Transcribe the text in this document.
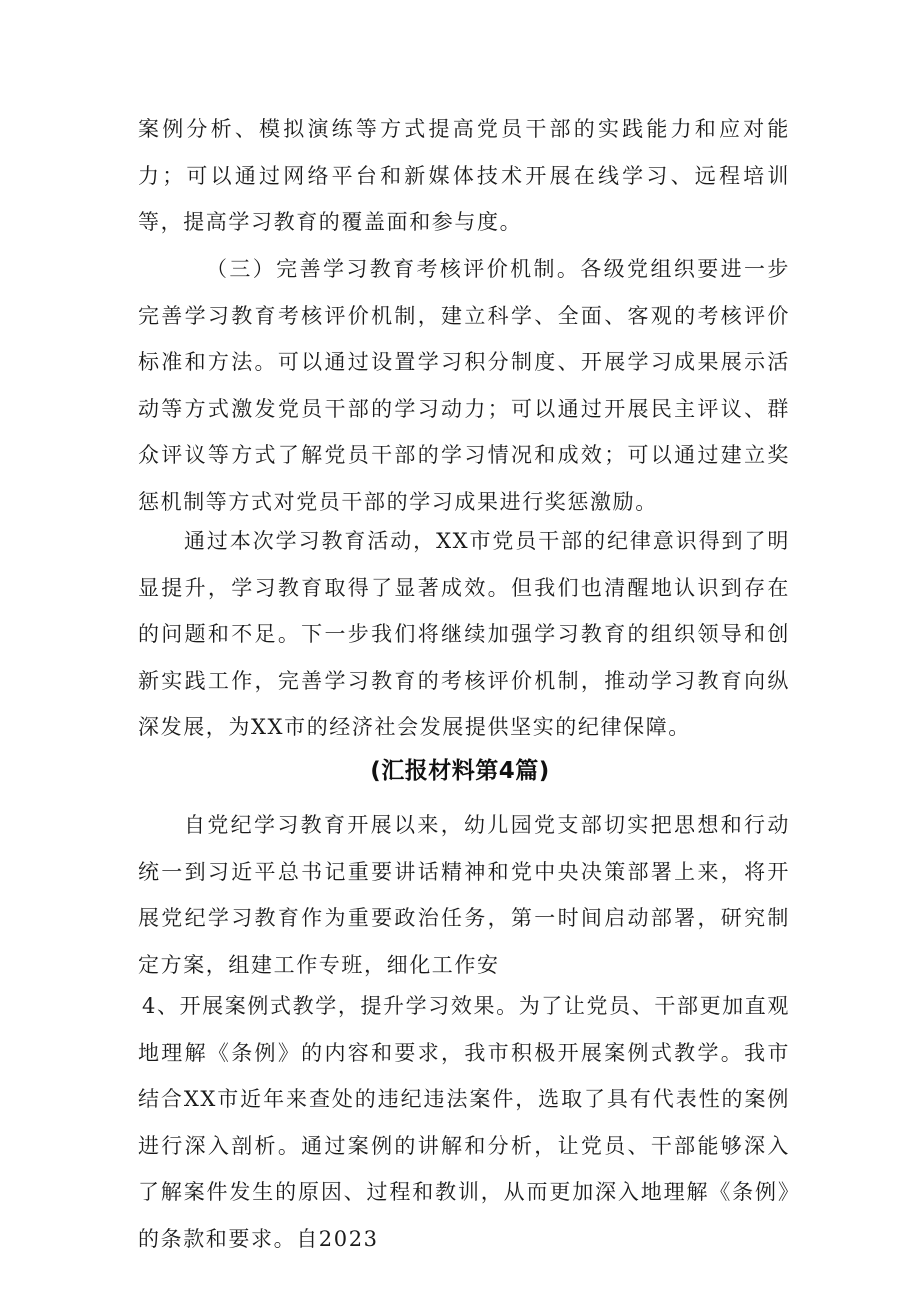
案例分析、模拟演练等方式提高党员干部的实践能力和应对能力；可以通过网络平台和新媒体技术开展在线学习、远程培训等，提高学习教育的覆盖面和参与度。

（三）完善学习教育考核评价机制。各级党组织要进一步完善学习教育考核评价机制，建立科学、全面、客观的考核评价标准和方法。可以通过设置学习积分制度、开展学习成果展示活动等方式激发党员干部的学习动力；可以通过开展民主评议、群众评议等方式了解党员干部的学习情况和成效；可以通过建立奖惩机制等方式对党员干部的学习成果进行奖惩激励。

通过本次学习教育活动，XX市党员干部的纪律意识得到了明显提升，学习教育取得了显著成效。但我们也清醒地认识到存在的问题和不足。下一步我们将继续加强学习教育的组织领导和创新实践工作，完善学习教育的考核评价机制，推动学习教育向纵深发展，为XX市的经济社会发展提供坚实的纪律保障。

(汇报材料第4篇)

自党纪学习教育开展以来，幼儿园党支部切实把思想和行动统一到习近平总书记重要讲话精神和党中央决策部署上来，将开展党纪学习教育作为重要政治任务，第一时间启动部署，研究制定方案，组建工作专班，细化工作安

4、开展案例式教学，提升学习效果。为了让党员、干部更加直观地理解《条例》的内容和要求，我市积极开展案例式教学。我市结合XX市近年来查处的违纪违法案件，选取了具有代表性的案例进行深入剖析。通过案例的讲解和分析，让党员、干部能够深入了解案件发生的原因、过程和教训，从而更加深入地理解《条例》的条款和要求。自2023
